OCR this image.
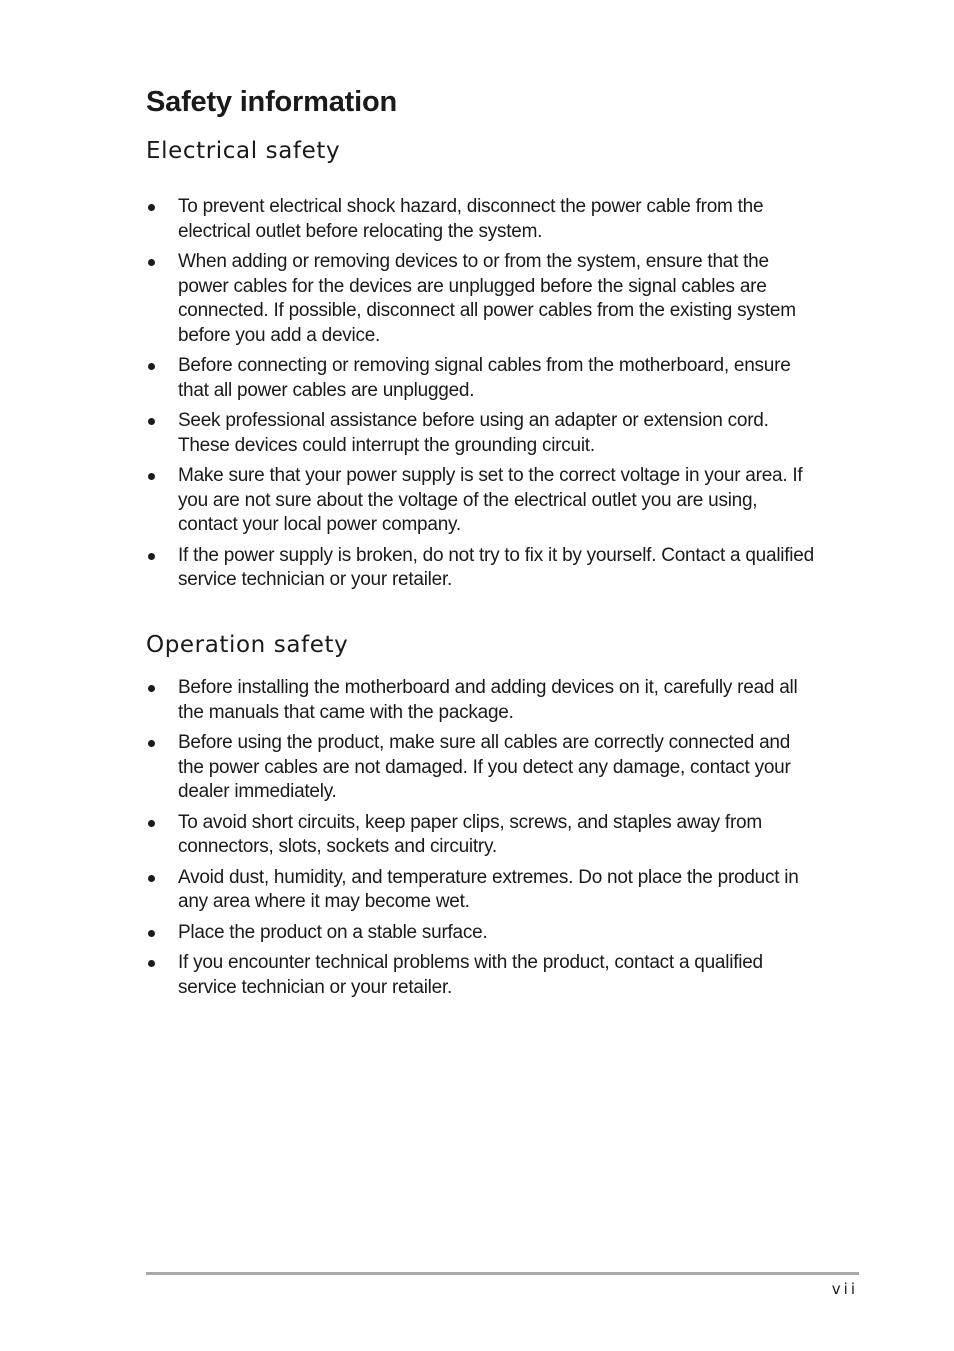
Safety information
Electrical safety
To prevent electrical shock hazard, disconnect the power cable from the electrical outlet before relocating the system.
When adding or removing devices to or from the system, ensure that the power cables for the devices are unplugged before the signal cables are connected. If possible, disconnect all power cables from the existing system before you add a device.
Before connecting or removing signal cables from the motherboard, ensure that all power cables are unplugged.
Seek professional assistance before using an adapter or extension cord. These devices could interrupt the grounding circuit.
Make sure that your power supply is set to the correct voltage in your area. If you are not sure about the voltage of the electrical outlet you are using, contact your local power company.
If the power supply is broken, do not try to fix it by yourself. Contact a qualified service technician or your retailer.
Operation safety
Before installing the motherboard and adding devices on it, carefully read all the manuals that came with the package.
Before using the product, make sure all cables are correctly connected and the power cables are not damaged. If you detect any damage, contact your dealer immediately.
To avoid short circuits, keep paper clips, screws, and staples away from connectors, slots, sockets and circuitry.
Avoid dust, humidity, and temperature extremes. Do not place the product in any area where it may become wet.
Place the product on a stable surface.
If you encounter technical problems with the product, contact a qualified service technician or your retailer.
vii
